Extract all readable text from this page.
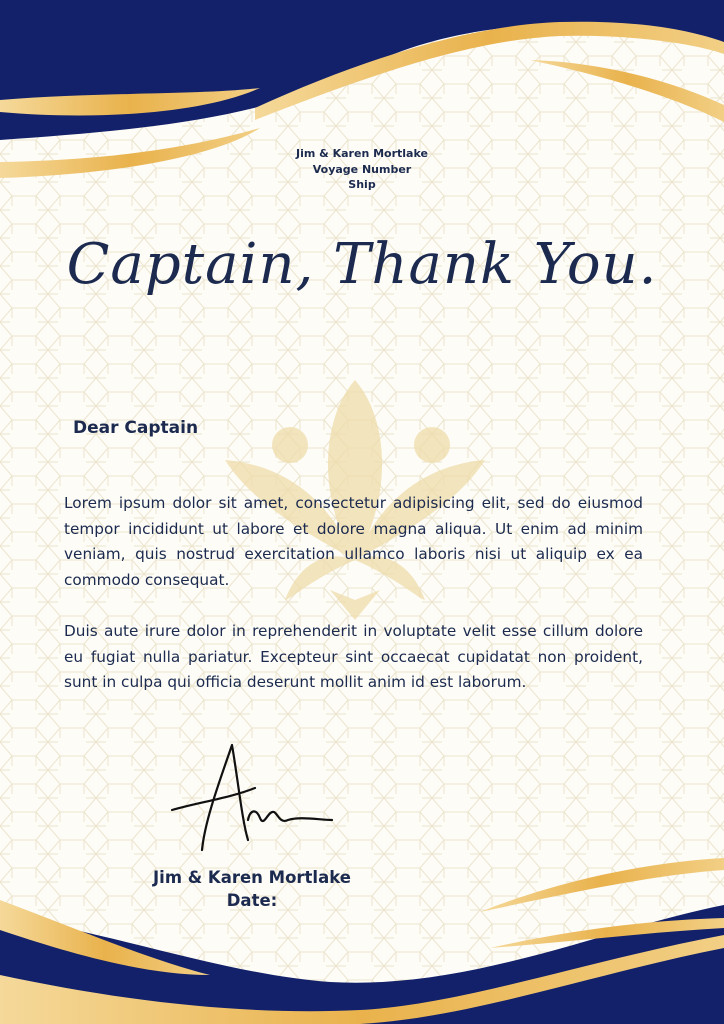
Jim & Karen Mortlake
Voyage Number
Ship
Captain, Thank You.
Dear Captain
Lorem ipsum dolor sit amet, consectetur adipisicing elit, sed do eiusmod tempor incididunt ut labore et dolore magna aliqua. Ut enim ad minim veniam, quis nostrud exercitation ullamco laboris nisi ut aliquip ex ea commodo consequat.
Duis aute irure dolor in reprehenderit in voluptate velit esse cillum dolore eu fugiat nulla pariatur. Excepteur sint occaecat cupidatat non proident, sunt in culpa qui officia deserunt mollit anim id est laborum.
Jim & Karen Mortlake
Date:
